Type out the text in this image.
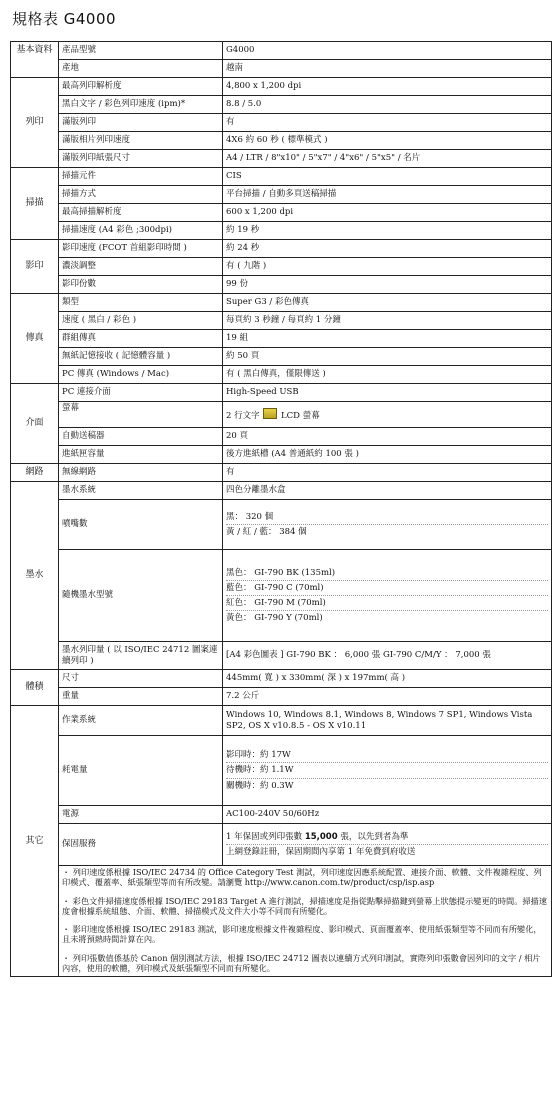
規格表 G4000
基本資料	產品型號	G4000
	產地	越南
列印	最高列印解析度	4,800 x 1,200 dpi
	黑白文字 / 彩色列印速度 (ipm)*	8.8 / 5.0
	滿版列印	有
	滿版相片列印速度	4X6 約 60 秒 ( 標準模式 )
	滿版列印紙張尺寸	A4 / LTR / 8"x10" / 5"x7" / 4"x6" / 5"x5" / 名片
掃描	掃描元件	CIS
	掃描方式	平台掃描 / 自動多頁送稿掃描
	最高掃描解析度	600 x 1,200 dpi
	掃描速度 (A4 彩色 ;300dpi)	約 19 秒
影印	影印速度 (FCOT 首組影印時間 )	約 24 秒
	濃淡調整	有 ( 九階 )
	影印份數	99 份
傳真	類型	Super G3 / 彩色傳真
	速度 ( 黑白 / 彩色 )	每頁約 3 秒鐘 / 每頁約 1 分鐘
	群組傳真	19 組
	無紙記憶接收 ( 記憶體容量 )	約 50 頁
	PC 傳真 (Windows / Mac)	有 ( 黑白傳真，僅限傳送 )
介面	PC 連接介面	High-Speed USB
	螢幕	2 行文字 LCD 螢幕
	自動送稿器	20 頁
	進紙匣容量	後方進紙槽 (A4 普通紙約 100 張 )
網路	無線網路	有
墨水	墨水系統	四色分離墨水盒
	噴嘴數	黑： 320 個
黃 / 紅 / 藍： 384 個

	隨機墨水型號	黑色： GI-790 BK (135ml)
藍色： GI-790 C (70ml)
紅色： GI-790 M (70ml)
黃色： GI-790 Y (70ml)

	墨水列印量 ( 以 ISO/IEC 24712 圖案連續列印 )	[A4 彩色圖表 ] GI-790 BK ： 6,000 張 GI-790 C/M/Y ： 7,000 張
體積	尺寸	445mm( 寬 ) x 330mm( 深 ) x 197mm( 高 )
	重量	7.2 公斤
其它	作業系統	Windows 10, Windows 8.1, Windows 8, Windows 7 SP1, Windows Vista SP2, OS X v10.8.5 - OS X v10.11
	耗電量	影印時：約 17W
待機時：約 1.1W
關機時：約 0.3W

	電源	AC100-240V 50/60Hz
	保固服務	1 年保固或列印張數 15,000 張，以先到者為準
上網登錄註冊，保固期間內享第 1 年免費到府收送

	・ 列印速度係根據 ISO/IEC 24734 的 Office Category Test 測試，列印速度因應系統配置、連接介面、軟體、文件複雜程度、列印模式、覆蓋率、紙張類型等而有所改變。請瀏覽 http://www.canon.com.tw/product/csp/isp.asp

・ 彩色文件掃描速度係根據 ISO/IEC 29183 Target A 進行測試，掃描速度是指從點擊掃描鍵到螢幕上狀態提示變更的時間。掃描速度會根據系統組態、介面、軟體、掃描模式及文件大小等不同而有所變化。

・ 影印速度係根據 ISO/IEC 29183 測試，影印速度根據文件複雜程度、影印模式、頁面覆蓋率、使用紙張類型等不同而有所變化，且未將預熱時間計算在內。

・ 列印張數值係基於 Canon 個別測試方法，根據 ISO/IEC 24712 圖表以連續方式列印測試，實際列印張數會因列印的文字 / 相片內容，使用的軟體，列印模式及紙張類型不同而有所變化。	
